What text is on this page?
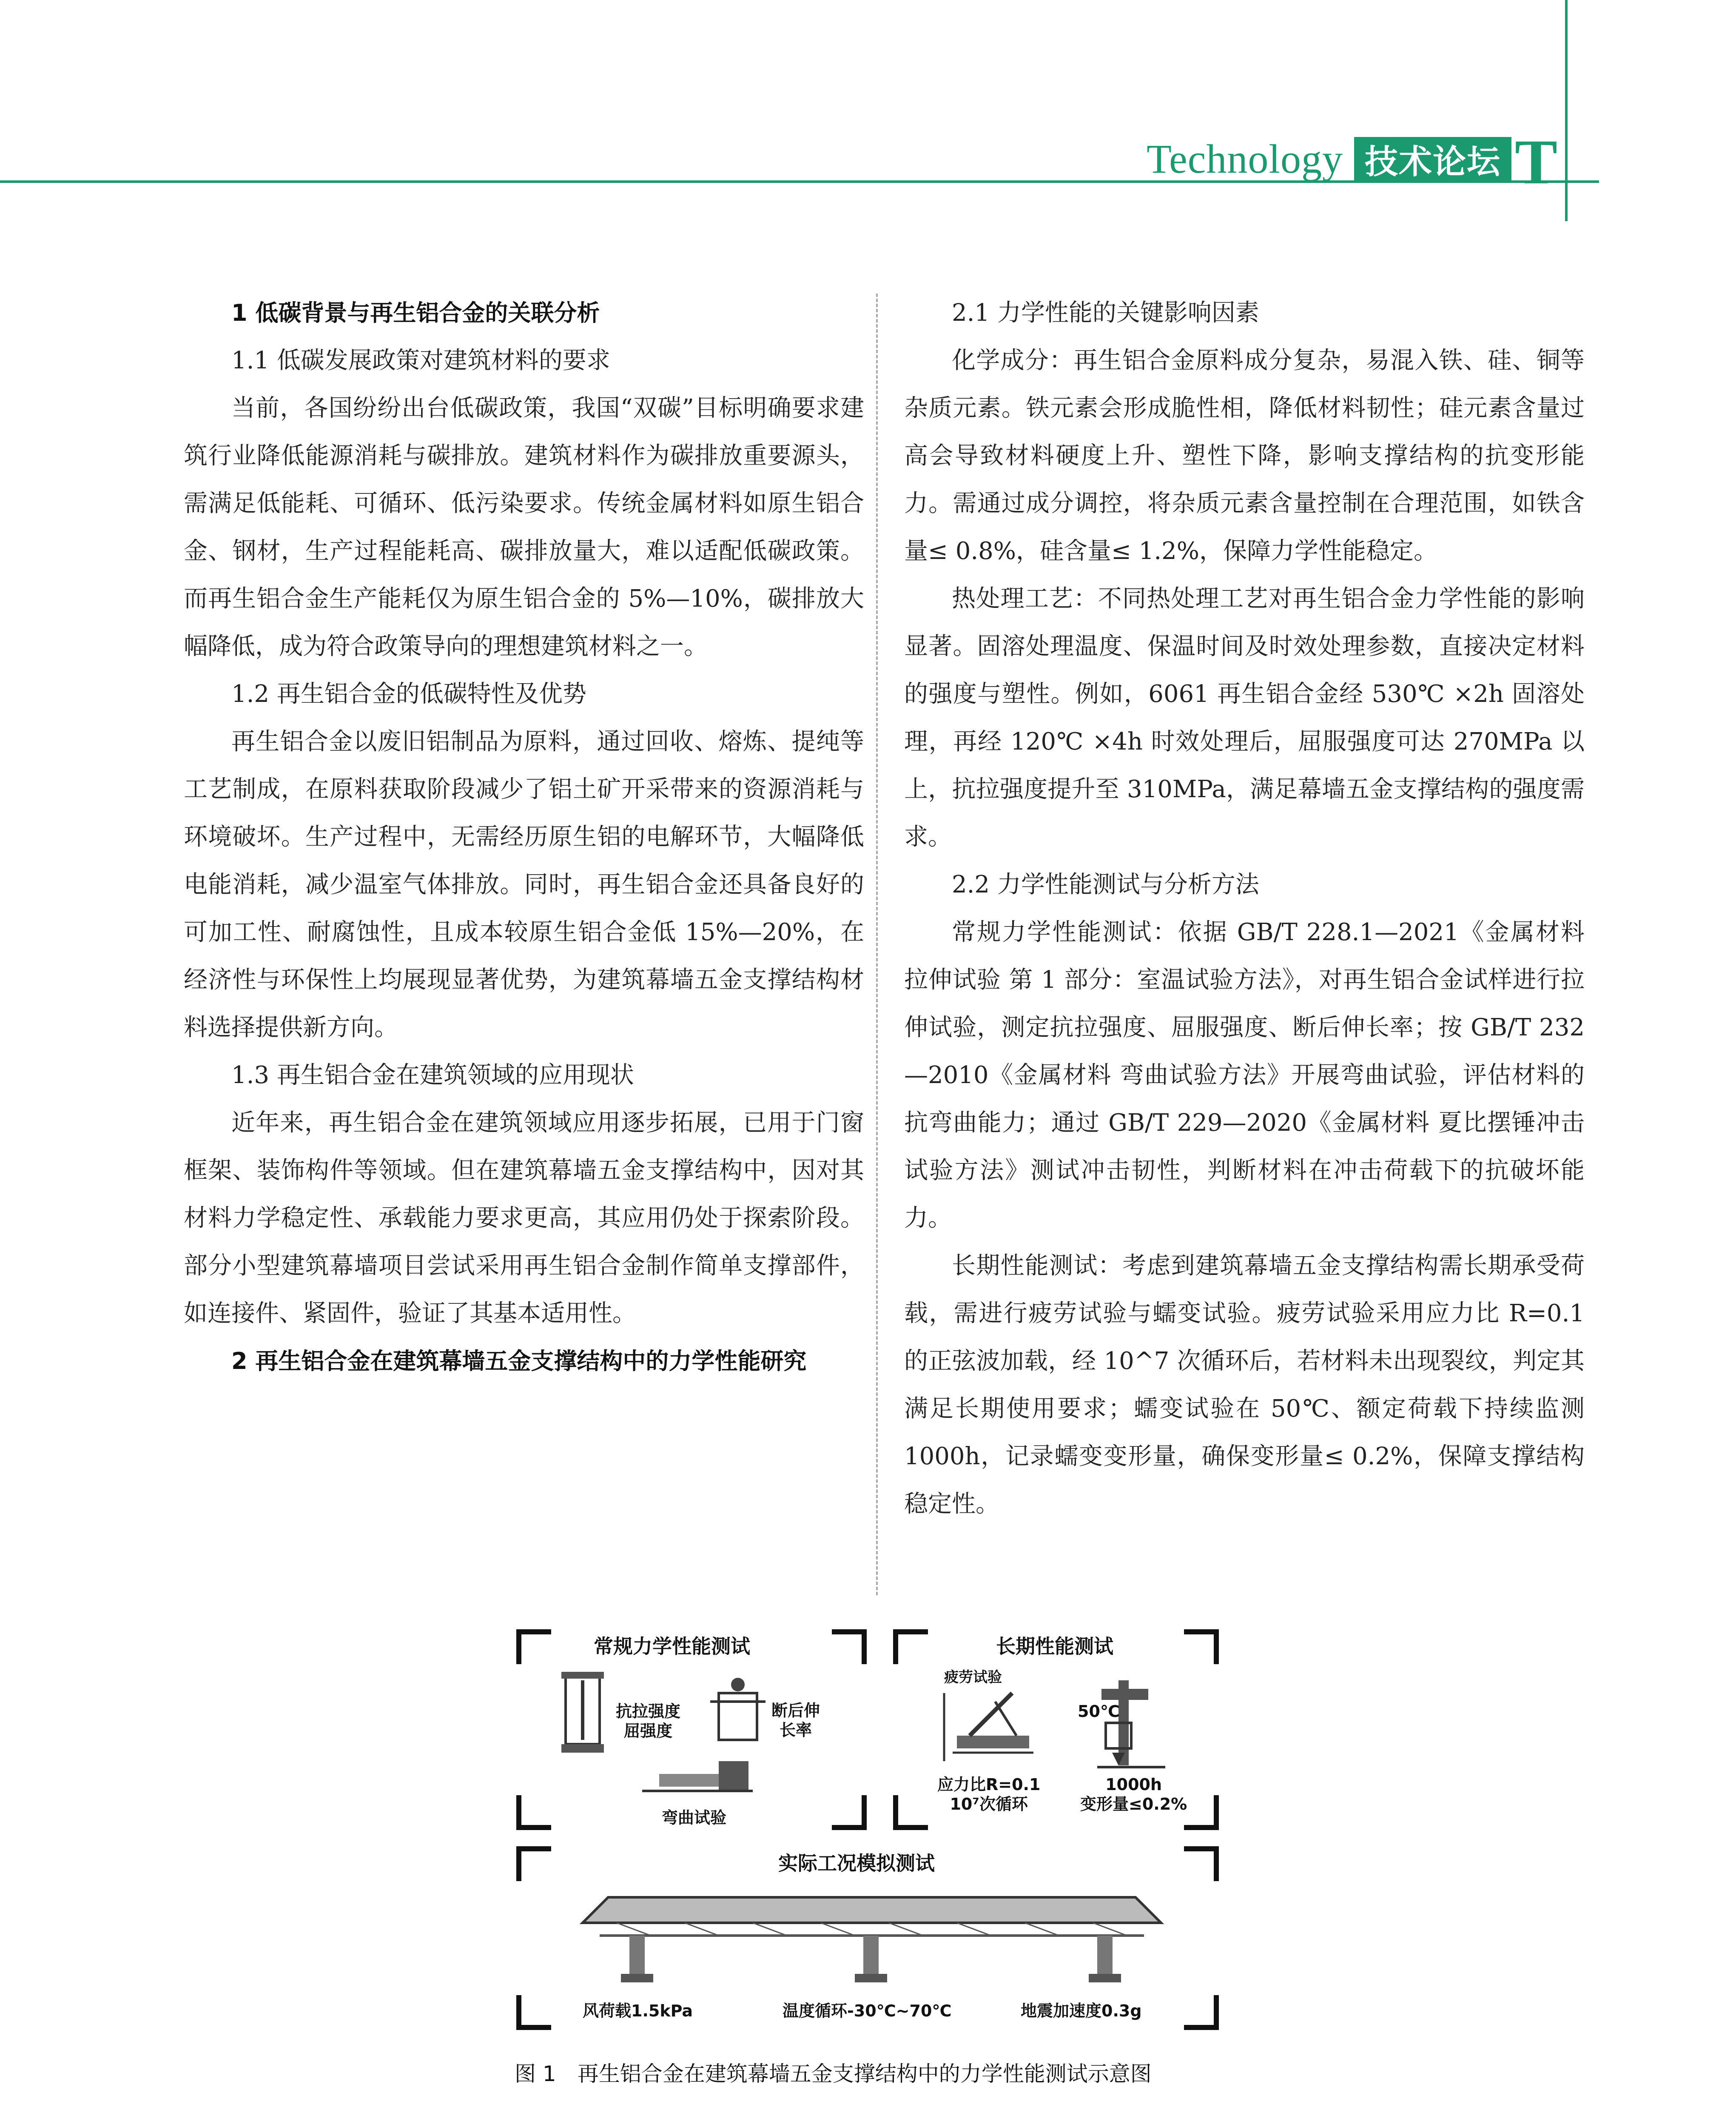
Technology 技术论坛 T

1 低碳背景与再生铝合金的关联分析

1.1 低碳发展政策对建筑材料的要求

当前，各国纷纷出台低碳政策，我国“双碳”目标明确要求建筑行业降低能源消耗与碳排放。建筑材料作为碳排放重要源头，需满足低能耗、可循环、低污染要求。传统金属材料如原生铝合金、钢材，生产过程能耗高、碳排放量大，难以适配低碳政策。而再生铝合金生产能耗仅为原生铝合金的 5%—10%，碳排放大幅降低，成为符合政策导向的理想建筑材料之一。

1.2 再生铝合金的低碳特性及优势

再生铝合金以废旧铝制品为原料，通过回收、熔炼、提纯等工艺制成，在原料获取阶段减少了铝土矿开采带来的资源消耗与环境破坏。生产过程中，无需经历原生铝的电解环节，大幅降低电能消耗，减少温室气体排放。同时，再生铝合金还具备良好的可加工性、耐腐蚀性，且成本较原生铝合金低 15%—20%，在经济性与环保性上均展现显著优势，为建筑幕墙五金支撑结构材料选择提供新方向。

1.3 再生铝合金在建筑领域的应用现状

近年来，再生铝合金在建筑领域应用逐步拓展，已用于门窗框架、装饰构件等领域。但在建筑幕墙五金支撑结构中，因对其材料力学稳定性、承载能力要求更高，其应用仍处于探索阶段。部分小型建筑幕墙项目尝试采用再生铝合金制作简单支撑部件，如连接件、紧固件，验证了其基本适用性。

2 再生铝合金在建筑幕墙五金支撑结构中的力学性能研究

2.1 力学性能的关键影响因素

化学成分：再生铝合金原料成分复杂，易混入铁、硅、铜等杂质元素。铁元素会形成脆性相，降低材料韧性；硅元素含量过高会导致材料硬度上升、塑性下降，影响支撑结构的抗变形能力。需通过成分调控，将杂质元素含量控制在合理范围，如铁含量≤ 0.8%，硅含量≤ 1.2%，保障力学性能稳定。

热处理工艺：不同热处理工艺对再生铝合金力学性能的影响显著。固溶处理温度、保温时间及时效处理参数，直接决定材料的强度与塑性。例如，6061 再生铝合金经 530℃ ×2h 固溶处理，再经 120℃ ×4h 时效处理后，屈服强度可达 270MPa 以上，抗拉强度提升至 310MPa，满足幕墙五金支撑结构的强度需求。

2.2 力学性能测试与分析方法

常规力学性能测试：依据 GB/T 228.1—2021《金属材料 拉伸试验 第 1 部分：室温试验方法》，对再生铝合金试样进行拉伸试验，测定抗拉强度、屈服强度、断后伸长率；按 GB/T 232—2010《金属材料 弯曲试验方法》开展弯曲试验，评估材料的抗弯曲能力；通过 GB/T 229—2020《金属材料 夏比摆锤冲击试验方法》测试冲击韧性，判断材料在冲击荷载下的抗破坏能力。

长期性能测试：考虑到建筑幕墙五金支撑结构需长期承受荷载，需进行疲劳试验与蠕变试验。疲劳试验采用应力比 R=0.1 的正弦波加载，经 10^7 次循环后，若材料未出现裂纹，判定其满足长期使用要求；蠕变试验在 50℃、额定荷载下持续监测 1000h，记录蠕变变形量，确保变形量≤ 0.2%，保障支撑结构稳定性。

常规力学性能测试
抗拉强度
屈强度
断后伸
长率
弯曲试验
长期性能测试
疲劳试验
50℃
应力比R=0.1
10⁷次循环
1000h
变形量≤0.2%
实际工况模拟测试
风荷载1.5kPa	温度循环-30℃~70℃	地震加速度0.3g
图 1　再生铝合金在建筑幕墙五金支撑结构中的力学性能测试示意图
